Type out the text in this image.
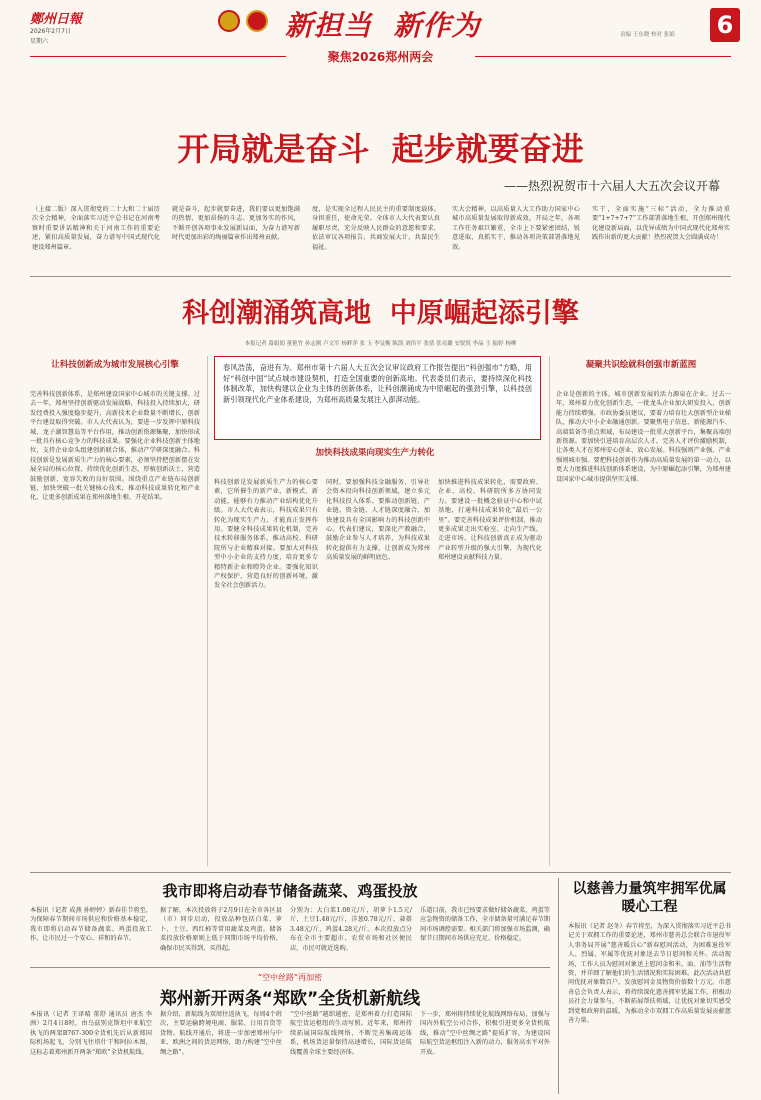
鄭州日報
2026年2月7日
星期六	新担当  新作为	责编 王东晓 校对 张娟 6
聚焦2026郑州两会
开局就是奋斗  起步就要奋进
——热烈祝贺市十六届人大五次会议开幕
（上接二版）深入贯彻党的二十大和二十届历次全会精神，全面落实习近平总书记在河南考察时重要讲话精神和关于河南工作的重要论述，紧扣高质量发展，奋力谱写中国式现代化建设郑州篇章。
就是奋斗，起步就要奋进，我们要以更加饱满的热情、更加昂扬的斗志、更加务实的作风，不断开创各项事业发展新局面，为奋力谱写新时代更加出彩的绚丽篇章作出郑州贡献。
度，是实现全过程人民民主的重要制度载体。身担重任，使命光荣。全体市人大代表要认真履职尽责，充分反映人民群众的意愿和要求，依法审议各项报告，共商发展大计，共谋民生福祉。
实大会精神，以高质量人大工作助力国家中心城市高质量发展取得新成效。开局之年，各项工作任务艰巨繁重，全市上下要紧密团结，锐意进取，真抓实干，推动各项决策部署落地见效。
实干，全面实施“三标”活动，全力推动重要“1+7+7+7”工作部署落地生根，开创郑州现代化建设新局面，以优异成绩为中国式现代化郑州实践作出新的更大贡献！热烈祝贺大会圆满成功！
科创潮涌筑高地  中原崛起添引擎
本报记者 幕娟娟 董艳竹 孙志刚 卢文军 杨畔萍 张 玉 李旻衡 陈凯 刘伟平 张倩 张亮璐 安锐锐 李晶 王 振婷 杨柳
让科技创新成为城市发展核心引擎
完善科技创新体系，是郑州建设国家中心城市的关键支撑。过去一年，郑州坚持创新驱动发展战略，科技投入持续加大，研发经费投入强度稳步提升，高新技术企业数量不断增长，创新平台建设取得突破。市人大代表认为，要进一步发挥中原科技城、龙子湖智慧岛等平台作用，推动创新资源集聚，加快形成一批具有核心竞争力的科技成果。要强化企业科技创新主体地位，支持企业牵头组建创新联合体，推动产学研深度融合。科技创新是发展新质生产力的核心要素，必须坚持把创新摆在发展全局的核心位置，持续优化创新生态，厚植创新沃土，营造鼓励创新、宽容失败的良好氛围。围绕重点产业链布局创新链，加快突破一批关键核心技术，推动科技成果转化和产业化，让更多创新成果在郑州落地生根、开花结果。
春风浩荡，奋进有为。郑州市第十六届人大五次会议审议政府工作报告提出“科创强市”方略，用好“科创中国”试点城市建设契机，打造全国重要的创新高地。代表委员们表示，要持续深化科技体制改革，加快构建以企业为主体的创新体系，让科创潮涌成为中原崛起的强劲引擎，以科技创新引领现代化产业体系建设，为郑州高质量发展注入澎湃动能。
加快科技成果向现实生产力转化
科技创新是发展新质生产力的核心要素，它所催生的新产业、新模式、新动能，能够有力推动产业结构优化升级。市人大代表表示，科技成果只有转化为现实生产力，才能真正发挥作用。要健全科技成果转化机制，完善技术转移服务体系，推动高校、科研院所与企业精准对接。要加大对科技型中小企业的支持力度，培育更多专精特新企业和瞪羚企业。要强化知识产权保护，营造良好的创新环境，激发全社会创新活力。
同时，要加强科技金融服务，引导社会资本投向科技创新领域，建立多元化科技投入体系。要推动创新链、产业链、资金链、人才链深度融合，加快建设具有全国影响力的科技创新中心。代表们建议，要深化产教融合，鼓励企业参与人才培养，为科技成果转化提供有力支撑，让创新成为郑州高质量发展的鲜明底色。
加快推进科技成果转化，需要政府、企业、高校、科研院所多方协同发力。要建设一批概念验证中心和中试基地，打通科技成果转化“最后一公里”。要完善科技成果评价机制，推动更多成果走出实验室、走向生产线、走进市场，让科技创新真正成为驱动产业转型升级的强大引擎，为现代化郑州建设贡献科技力量。
凝聚共识绘就科创强市新蓝图
企业是创新的主体，城市创新发展的活力源泉在企业。过去一年，郑州着力优化创新生态，一批龙头企业加大研发投入，创新能力持续增强。市政协委员建议，要着力培育壮大创新型企业梯队，推动大中小企业融通创新。要聚焦电子信息、新能源汽车、高端装备等重点领域，布局建设一批重大创新平台，集聚高端创新资源。要加快引进培育高层次人才，完善人才评价激励机制，让各类人才在郑州安心创业、放心发展。科技强则产业强，产业强则城市强。要把科技创新作为推动高质量发展的第一动力，以更大力度推进科技创新体系建设，为中原崛起添引擎，为郑州建设国家中心城市提供坚实支撑。
我市即将启动春节储备蔬菜、鸡蛋投放
本报讯（记者 成燕 孙婷婷）新春佳节将至，为保障春节期间市场供应和价格基本稳定，我市即将启动春节储备蔬菜、鸡蛋投放工作，让市民过一个安心、祥和的春节。
据了解，本次投放将于2月9日在全市各区县（市）同步启动，投放品种包括白菜、萝卜、土豆、西红柿等常用蔬菜及鸡蛋。储备菜投放价格原则上低于同期市场平均价格，确保市民买得到、买得起。
分别为：大白菜1.08元/斤，胡萝卜1.5元/斤，土豆1.48元/斤，洋葱0.78元/斤，蒜薹3.48元/斤，鸡蛋4.28元/斤。本次投放点分布在全市主要超市、农贸市场和社区便民店，市民可就近选购。
乐道目前，我市已按要求做好储备蔬菜、鸡蛋等应急物资的储备工作，全市储备量可满足春节期间市场调控需要。相关部门将加强市场监测，确保节日期间市场供应充足、价格稳定。
“空中丝路”再加密
郑州新开两条“郑欧”全货机新航线
本报讯（记者 王译晴 董舒 通讯员 唐杰 李洲）2月4日8时，由乌兹别克斯坦中亚航空执飞的两架B767-300全货机先后从新郑国际机场起飞，分别飞往塔什干和阿拉木图，这标志着郑州新开两条“郑欧”全货机航线。
据介绍，新航线为双周往返执飞，每周4个班次，主要运输跨境电商、服装、日用百货等货物。航线开通后，将进一步加密郑州与中亚、欧洲之间的货运网络，助力构建“空中丝绸之路”。
“空中丝路”越织越密，是郑州着力打造国际航空货运枢纽的生动写照。近年来，郑州持续拓展国际航线网络，不断完善集疏运体系，机场货运量保持高速增长，国际货运航线覆盖全球主要经济体。
下一步，郑州将持续优化航线网络布局，加强与国内外航空公司合作，积极引进更多全货机航线，推动“空中丝绸之路”提质扩容，为建设国际航空货运枢纽注入新的动力，服务高水平对外开放。
以慈善力量筑牢拥军优属暖心工程
本报讯（记者 赵冬）春节将至，为深入贯彻落实习近平总书记关于双拥工作的重要论述，郑州市慈善总会联合市退役军人事务局开展“慈善暖兵心”新春慰问活动，为困难退役军人、烈属、军属等优抚对象送去节日慰问和关怀。活动现场，工作人员为慰问对象送上慰问金和米、面、油等生活物资，并详细了解他们的生活情况和实际困难。此次活动共慰问优抚对象数百户，发放慰问金及物资价值数十万元。市慈善总会负责人表示，将持续深化慈善拥军优属工作，积极动员社会力量参与，不断拓展帮扶领域，让优抚对象切实感受到党和政府的温暖，为推动全市双拥工作高质量发展贡献慈善力量。
